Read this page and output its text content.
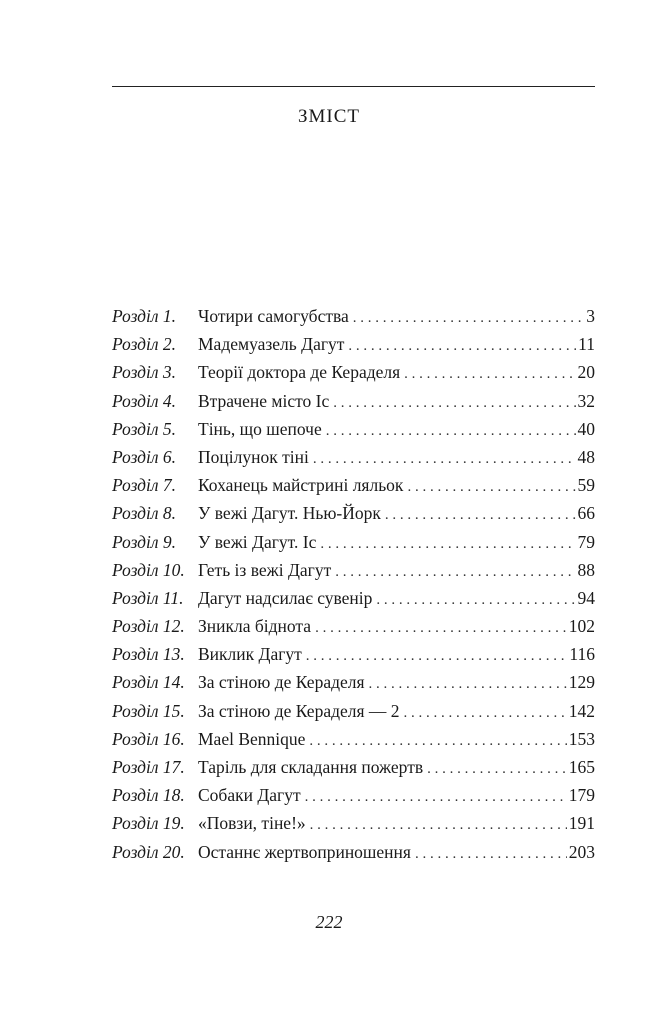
ЗМІСТ
Розділ 1.	Чотири самогубства . . .	3
Розділ 2.	Мадемуазель Дагут . . .	11
Розділ 3.	Теорії доктора де Кераделя . . .	20
Розділ 4.	Втрачене місто Іс . . .	32
Розділ 5.	Тінь, що шепоче . . .	40
Розділ 6.	Поцілунок тіні . . .	48
Розділ 7.	Коханець майстрині ляльок . . .	59
Розділ 8.	У вежі Дагут. Нью-Йорк . . .	66
Розділ 9.	У вежі Дагут. Іс . . .	79
Розділ 10. Геть із вежі Дагут . . .	88
Розділ 11. Дагут надсилає сувенір . . .	94
Розділ 12. Зникла біднота . . .	102
Розділ 13. Виклик Дагут . . .	116
Розділ 14. За стіною де Кераделя . . .	129
Розділ 15. За стіною де Кераделя — 2 . . .	142
Розділ 16. Mael Bennique . . .	153
Розділ 17. Таріль для складання пожертв . . .	165
Розділ 18. Собаки Дагут . . .	179
Розділ 19. «Повзи, тіне!» . . .	191
Розділ 20. Останнє жертвоприношення . . .	203
222
